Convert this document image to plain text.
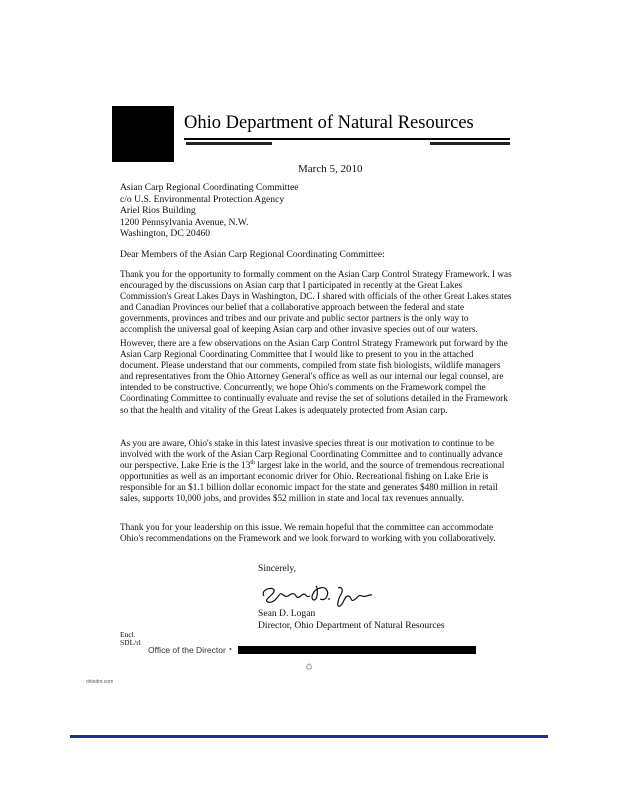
Ohio Department of Natural Resources
March 5, 2010
Asian Carp Regional Coordinating Committee
c/o U.S. Environmental Protection Agency
Ariel Rios Building
1200 Pennsylvania Avenue, N.W.
Washington, DC 20460
Dear Members of the Asian Carp Regional Coordinating Committee:

Thank you for the opportunity to formally comment on the Asian Carp Control Strategy Framework. I was encouraged by the discussions on Asian carp that I participated in recently at the Great Lakes Commission's Great Lakes Days in Washington, DC. I shared with officials of the other Great Lakes states and Canadian Provinces our belief that a collaborative approach between the federal and state governments, provinces and tribes and our private and public sector partners is the only way to accomplish the universal goal of keeping Asian carp and other invasive species out of our waters.

However, there are a few observations on the Asian Carp Control Strategy Framework put forward by the Asian Carp Regional Coordinating Committee that I would like to present to you in the attached document. Please understand that our comments, compiled from state fish biologists, wildlife managers and representatives from the Ohio Attorney General's office as well as our internal our legal counsel, are intended to be constructive. Concurrently, we hope Ohio's comments on the Framework compel the Coordinating Committee to continually evaluate and revise the set of solutions detailed in the Framework so that the health and vitality of the Great Lakes is adequately protected from Asian carp.

As you are aware, Ohio's stake in this latest invasive species threat is our motivation to continue to be involved with the work of the Asian Carp Regional Coordinating Committee and to continually advance our perspective. Lake Erie is the 13th largest lake in the world, and the source of tremendous recreational opportunities as well as an important economic driver for Ohio. Recreational fishing on Lake Erie is responsible for an $1.1 billion dollar economic impact for the state and generates $480 million in retail sales, supports 10,000 jobs, and provides $52 million in state and local tax revenues annually.

Thank you for your leadership on this issue. We remain hopeful that the committee can accommodate Ohio's recommendations on the Framework and we look forward to working with you collaboratively.

Sincerely,
Sean D. Logan
Director, Ohio Department of Natural Resources
Encl.
SDL/rl
Office of the Director •
♻
ohiodnr.com
